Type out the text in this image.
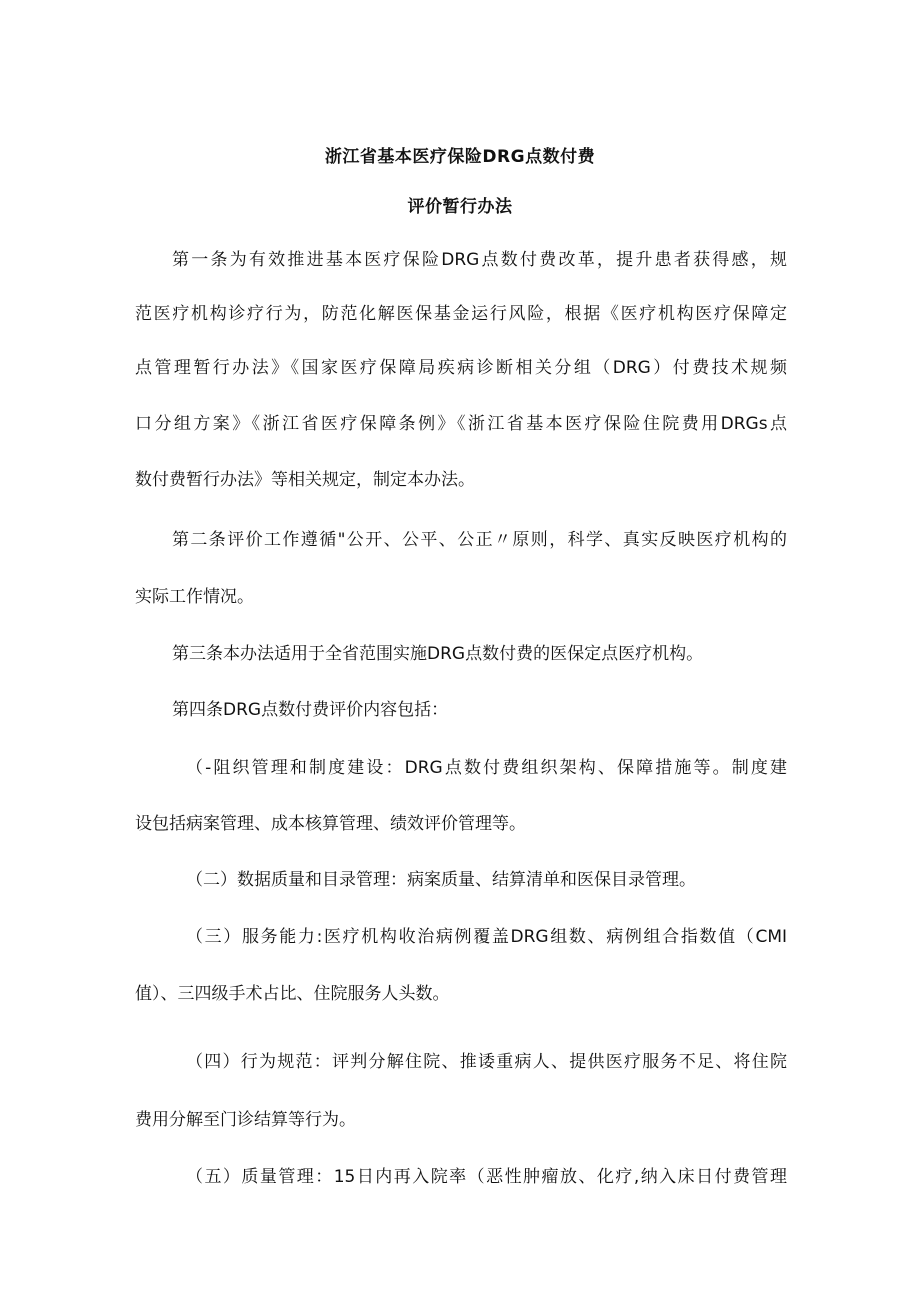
浙江省基本医疗保险DRG点数付费
评价暂行办法
第一条为有效推进基本医疗保险DRG点数付费改革，提升患者获得感，规
范医疗机构诊疗行为，防范化解医保基金运行风险，根据《医疗机构医疗保障定
点管理暂行办法》《国家医疗保障局疾病诊断相关分组（DRG）付费技术规频
口分组方案》《浙江省医疗保障条例》《浙江省基本医疗保险住院费用DRGs点
数付费暂行办法》等相关规定，制定本办法。
第二条评价工作遵循"公开、公平、公正〃原则，科学、真实反映医疗机构的
实际工作情况。
第三条本办法适用于全省范围实施DRG点数付费的医保定点医疗机构。
第四条DRG点数付费评价内容包括：
（-阻织管理和制度建设：DRG点数付费组织架构、保障措施等。制度建
设包括病案管理、成本核算管理、绩效评价管理等。
（二）数据质量和目录管理：病案质量、结算清单和医保目录管理。
（三）服务能力:医疗机构收治病例覆盖DRG组数、病例组合指数值（CMI
值）、三四级手术占比、住院服务人头数。
（四）行为规范：评判分解住院、推诿重病人、提供医疗服务不足、将住院
费用分解至门诊结算等行为。
（五）质量管理：15日内再入院率（恶性肿瘤放、化疗,纳入床日付费管理
